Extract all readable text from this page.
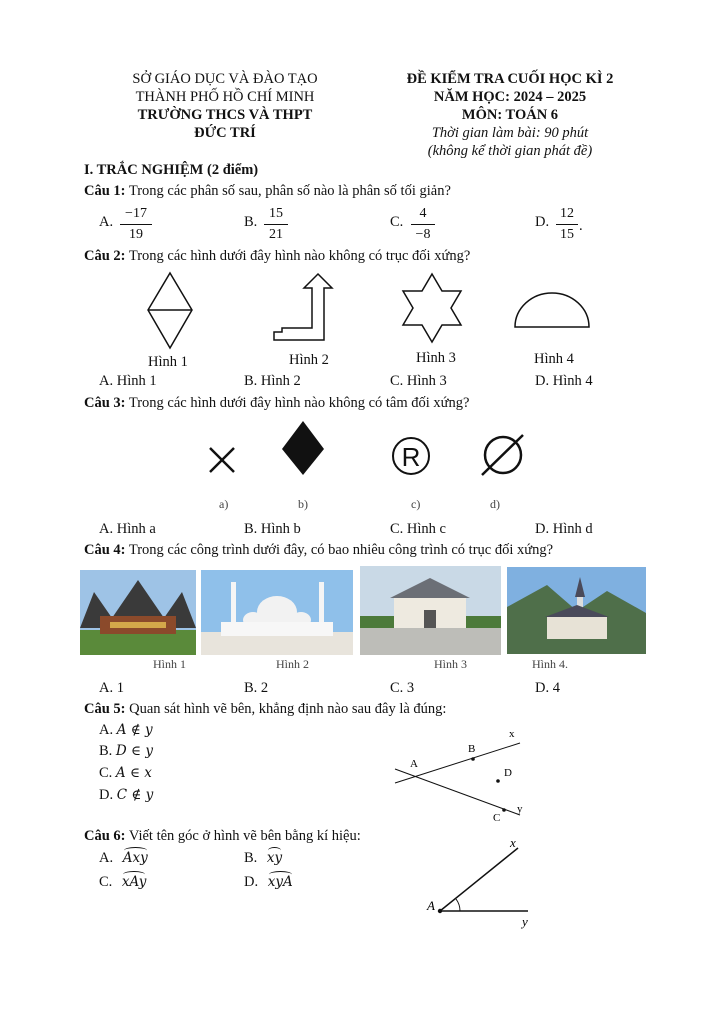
SỞ GIÁO DỤC VÀ ĐÀO TẠO
THÀNH PHỐ HỒ CHÍ MINH
TRƯỜNG THCS VÀ THPT
ĐỨC TRÍ
ĐỀ KIỂM TRA CUỐI HỌC KÌ 2
NĂM HỌC: 2024 – 2025
MÔN: TOÁN 6
Thời gian làm bài: 90 phút
(không kể thời gian phát đề)
I. TRẮC NGHIỆM (2 điểm)
Câu 1: Trong các phân số sau, phân số nào là phân số tối giản?
A.
−17
19
B.
15
21
C.
4
−8
D.
12
15
.
Câu 2: Trong các hình dưới đây hình nào không có trục đối xứng?
Hình 1	Hình 2	Hình 3	Hình 4
A. Hình 1	B. Hình 2	C. Hình 3	D. Hình 4
Câu 3: Trong các hình dưới đây hình nào không có tâm đối xứng?
R
a)	b)	c)	d)
A. Hình a	B. Hình b	C. Hình c	D. Hình d
Câu 4: Trong các công trình dưới đây, có bao nhiêu công trình có trục đối xứng?
Hình 1	Hình 2	Hình 3	Hình 4.
A. 1	B. 2	C. 3	D. 4
Câu 5: Quan sát hình vẽ bên, khẳng định nào sau đây là đúng:
A. A ∉ y
B. D ∈ y
C. A ∈ x
D. C ∉ y
A
B
C
D
x
y
Câu 6: Viết tên góc ở hình vẽ bên bằng kí hiệu:
A. Axy	B. xy
C. xAy	D. xyA
A
x
y
